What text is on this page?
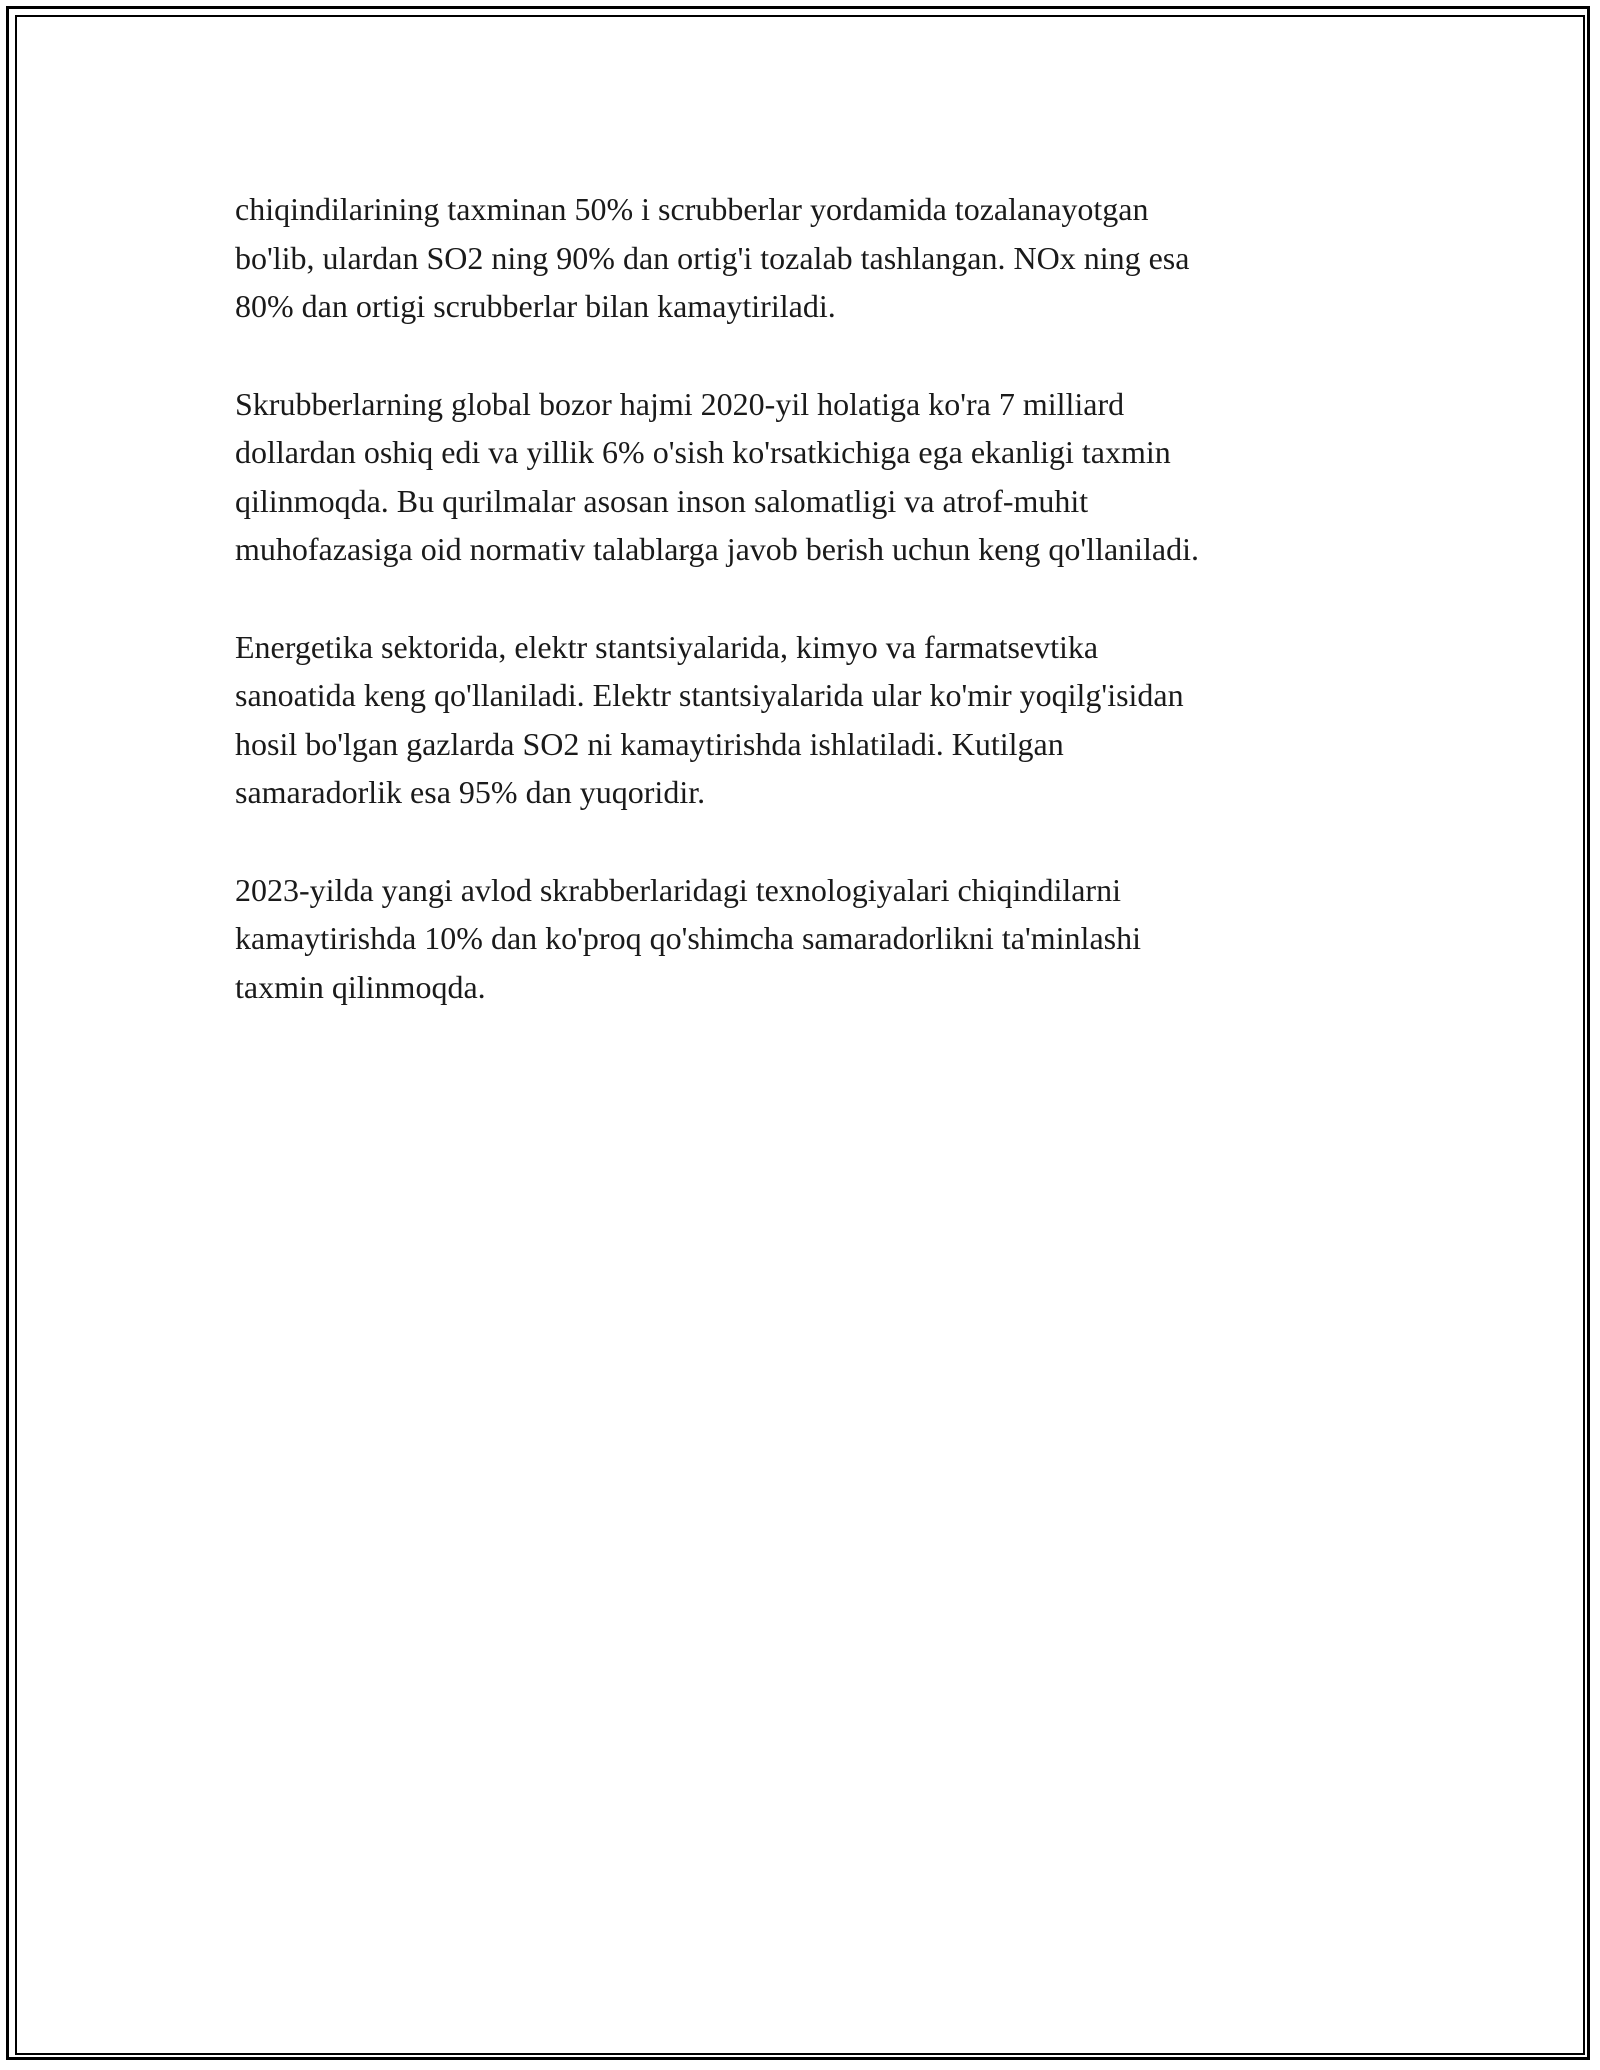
chiqindilarining taxminan 50% i scrubberlar yordamida tozalanayotgan
bo'lib, ulardan SO2 ning 90% dan ortig'i tozalab tashlangan. NOx ning esa
80% dan ortigi scrubberlar bilan kamaytiriladi.

Skrubberlarning global bozor hajmi 2020-yil holatiga ko'ra 7 milliard
dollardan oshiq edi va yillik 6% o'sish ko'rsatkichiga ega ekanligi taxmin
qilinmoqda. Bu qurilmalar asosan inson salomatligi va atrof-muhit
muhofazasiga oid normativ talablarga javob berish uchun keng qo'llaniladi.

Energetika sektorida, elektr stantsiyalarida, kimyo va farmatsevtika
sanoatida keng qo'llaniladi. Elektr stantsiyalarida ular ko'mir yoqilg'isidan
hosil bo'lgan gazlarda SO2 ni kamaytirishda ishlatiladi. Kutilgan
samaradorlik esa 95% dan yuqoridir.

2023-yilda yangi avlod skrabberlaridagi texnologiyalari chiqindilarni
kamaytirishda 10% dan ko'proq qo'shimcha samaradorlikni ta'minlashi
taxmin qilinmoqda.
